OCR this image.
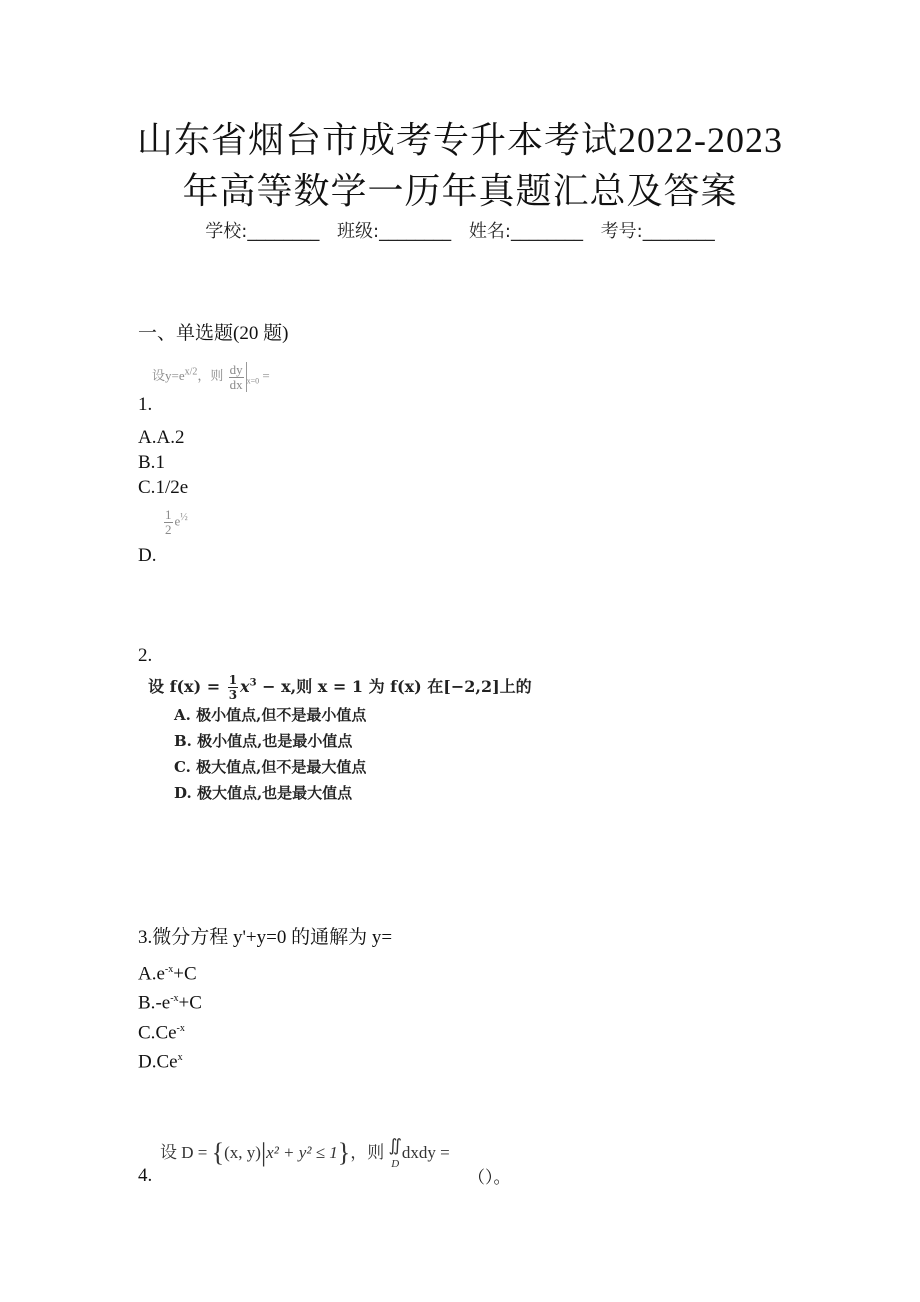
山东省烟台市成考专升本考试2022-2023
年高等数学一历年真题汇总及答案
学校:________ 班级:________ 姓名:________ 考号:________
一、单选题(20 题)
设$y=e^{x/2}$，则 $\frac{dy}{dx} _{x=0}$ =
1.
A.A.2
B.1
C.1/2e
$\frac{1}{2} e^{\frac{1}{2}}$
D.
2.
设 $f(x) = \frac{1}{3} x^3 - x$,则 x = 1 为 f(x) 在[−2,2]上的
A. 极小值点,但不是最小值点
B. 极小值点,也是最小值点
C. 极大值点,但不是最大值点
D. 极大值点,也是最大值点
3.微分方程 y'+y=0 的通解为 y=
$A.e^{-x}+C$
$B.-e^{-x}+C$
$C.Ce^{-x}$
D.Ce$^x$
设 D = {(x, y)|x² + y² ≤ 1}，则 ∬
Ddxdy =
4.	（）。
